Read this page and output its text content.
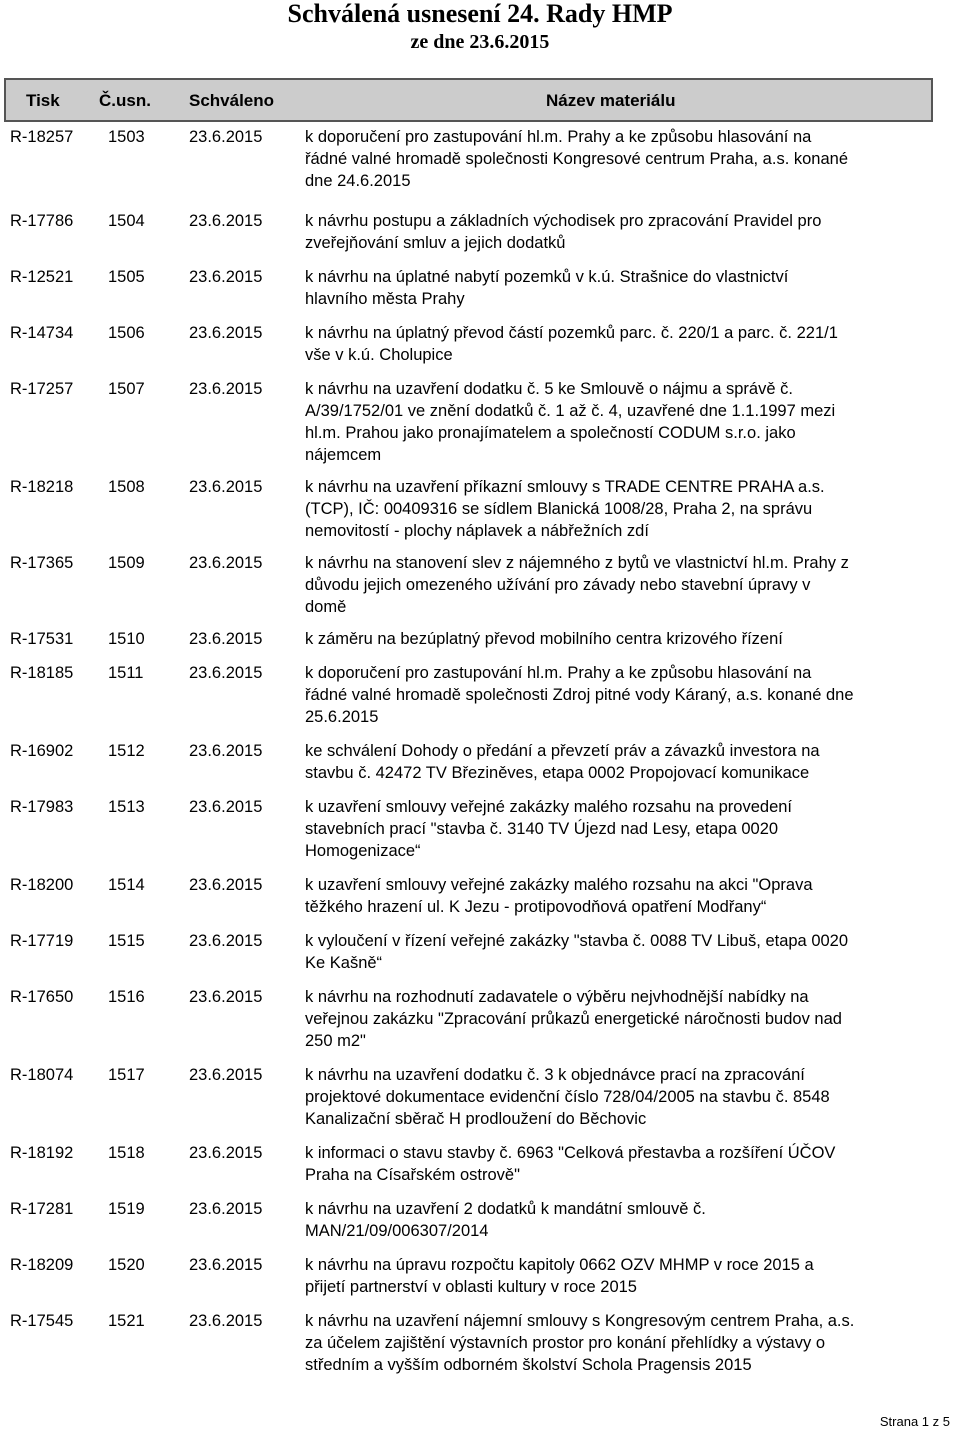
Schválená usnesení 24. Rady HMP
ze dne 23.6.2015
Tisk Č.usn. Schváleno	Název materiálu
R-18257 1503	23.6.2015	k doporučení pro zastupování hl.m. Prahy a ke způsobu hlasování na
řádné valné hromadě společnosti Kongresové centrum Praha, a.s. konané
dne 24.6.2015
R-17786 1504	23.6.2015	k návrhu postupu a základních východisek pro zpracování Pravidel pro
zveřejňování smluv a jejich dodatků
R-12521 1505	23.6.2015	k návrhu na úplatné nabytí pozemků v k.ú. Strašnice do vlastnictví
hlavního města Prahy
R-14734 1506	23.6.2015	k návrhu na úplatný převod částí pozemků parc. č. 220/1 a parc. č. 221/1
vše v k.ú. Cholupice
R-17257 1507	23.6.2015	k návrhu na uzavření dodatku č. 5 ke Smlouvě o nájmu a správě č.
A/39/1752/01 ve znění dodatků č. 1 až č. 4, uzavřené dne 1.1.1997 mezi
hl.m. Prahou jako pronajímatelem a společností CODUM s.r.o. jako
nájemcem
R-18218 1508	23.6.2015	k návrhu na uzavření příkazní smlouvy s TRADE CENTRE PRAHA a.s.
(TCP), IČ: 00409316 se sídlem Blanická 1008/28, Praha 2, na správu
nemovitostí - plochy náplavek a nábřežních zdí
R-17365 1509	23.6.2015	k návrhu na stanovení slev z nájemného z bytů ve vlastnictví hl.m. Prahy z
důvodu jejich omezeného užívání pro závady nebo stavební úpravy v
domě
R-17531 1510	23.6.2015	k záměru na bezúplatný převod mobilního centra krizového řízení
R-18185 1511	23.6.2015	k doporučení pro zastupování hl.m. Prahy a ke způsobu hlasování na
řádné valné hromadě společnosti Zdroj pitné vody Káraný, a.s. konané dne
25.6.2015
R-16902 1512	23.6.2015	ke schválení Dohody o předání a převzetí práv a závazků investora na
stavbu č. 42472 TV Březiněves, etapa 0002 Propojovací komunikace
R-17983 1513	23.6.2015	k uzavření smlouvy veřejné zakázky malého rozsahu na provedení
stavebních prací "stavba č. 3140 TV Újezd nad Lesy, etapa 0020
Homogenizace“
R-18200 1514	23.6.2015	k uzavření smlouvy veřejné zakázky malého rozsahu na akci "Oprava
těžkého hrazení ul. K Jezu - protipovodňová opatření Modřany“
R-17719 1515	23.6.2015	k vyloučení v řízení veřejné zakázky "stavba č. 0088 TV Libuš, etapa 0020
Ke Kašně“
R-17650 1516	23.6.2015	k návrhu na rozhodnutí zadavatele o výběru nejvhodnější nabídky na
veřejnou zakázku "Zpracování průkazů energetické náročnosti budov nad
250 m2"
R-18074 1517	23.6.2015	k návrhu na uzavření dodatku č. 3 k objednávce prací na zpracování
projektové dokumentace evidenční číslo 728/04/2005 na stavbu č. 8548
Kanalizační sběrač H prodloužení do Běchovic
R-18192 1518	23.6.2015	k informaci o stavu stavby č. 6963 "Celková přestavba a rozšíření ÚČOV
Praha na Císařském ostrově"
R-17281 1519	23.6.2015	k návrhu na uzavření 2 dodatků k mandátní smlouvě č.
MAN/21/09/006307/2014
R-18209 1520	23.6.2015	k návrhu na úpravu rozpočtu kapitoly 0662 OZV MHMP v roce 2015 a
přijetí partnerství v oblasti kultury v roce 2015
R-17545 1521	23.6.2015	k návrhu na uzavření nájemní smlouvy s Kongresovým centrem Praha, a.s.
za účelem zajištění výstavních prostor pro konání přehlídky a výstavy o
středním a vyšším odborném školství Schola Pragensis 2015
Strana 1 z 5
